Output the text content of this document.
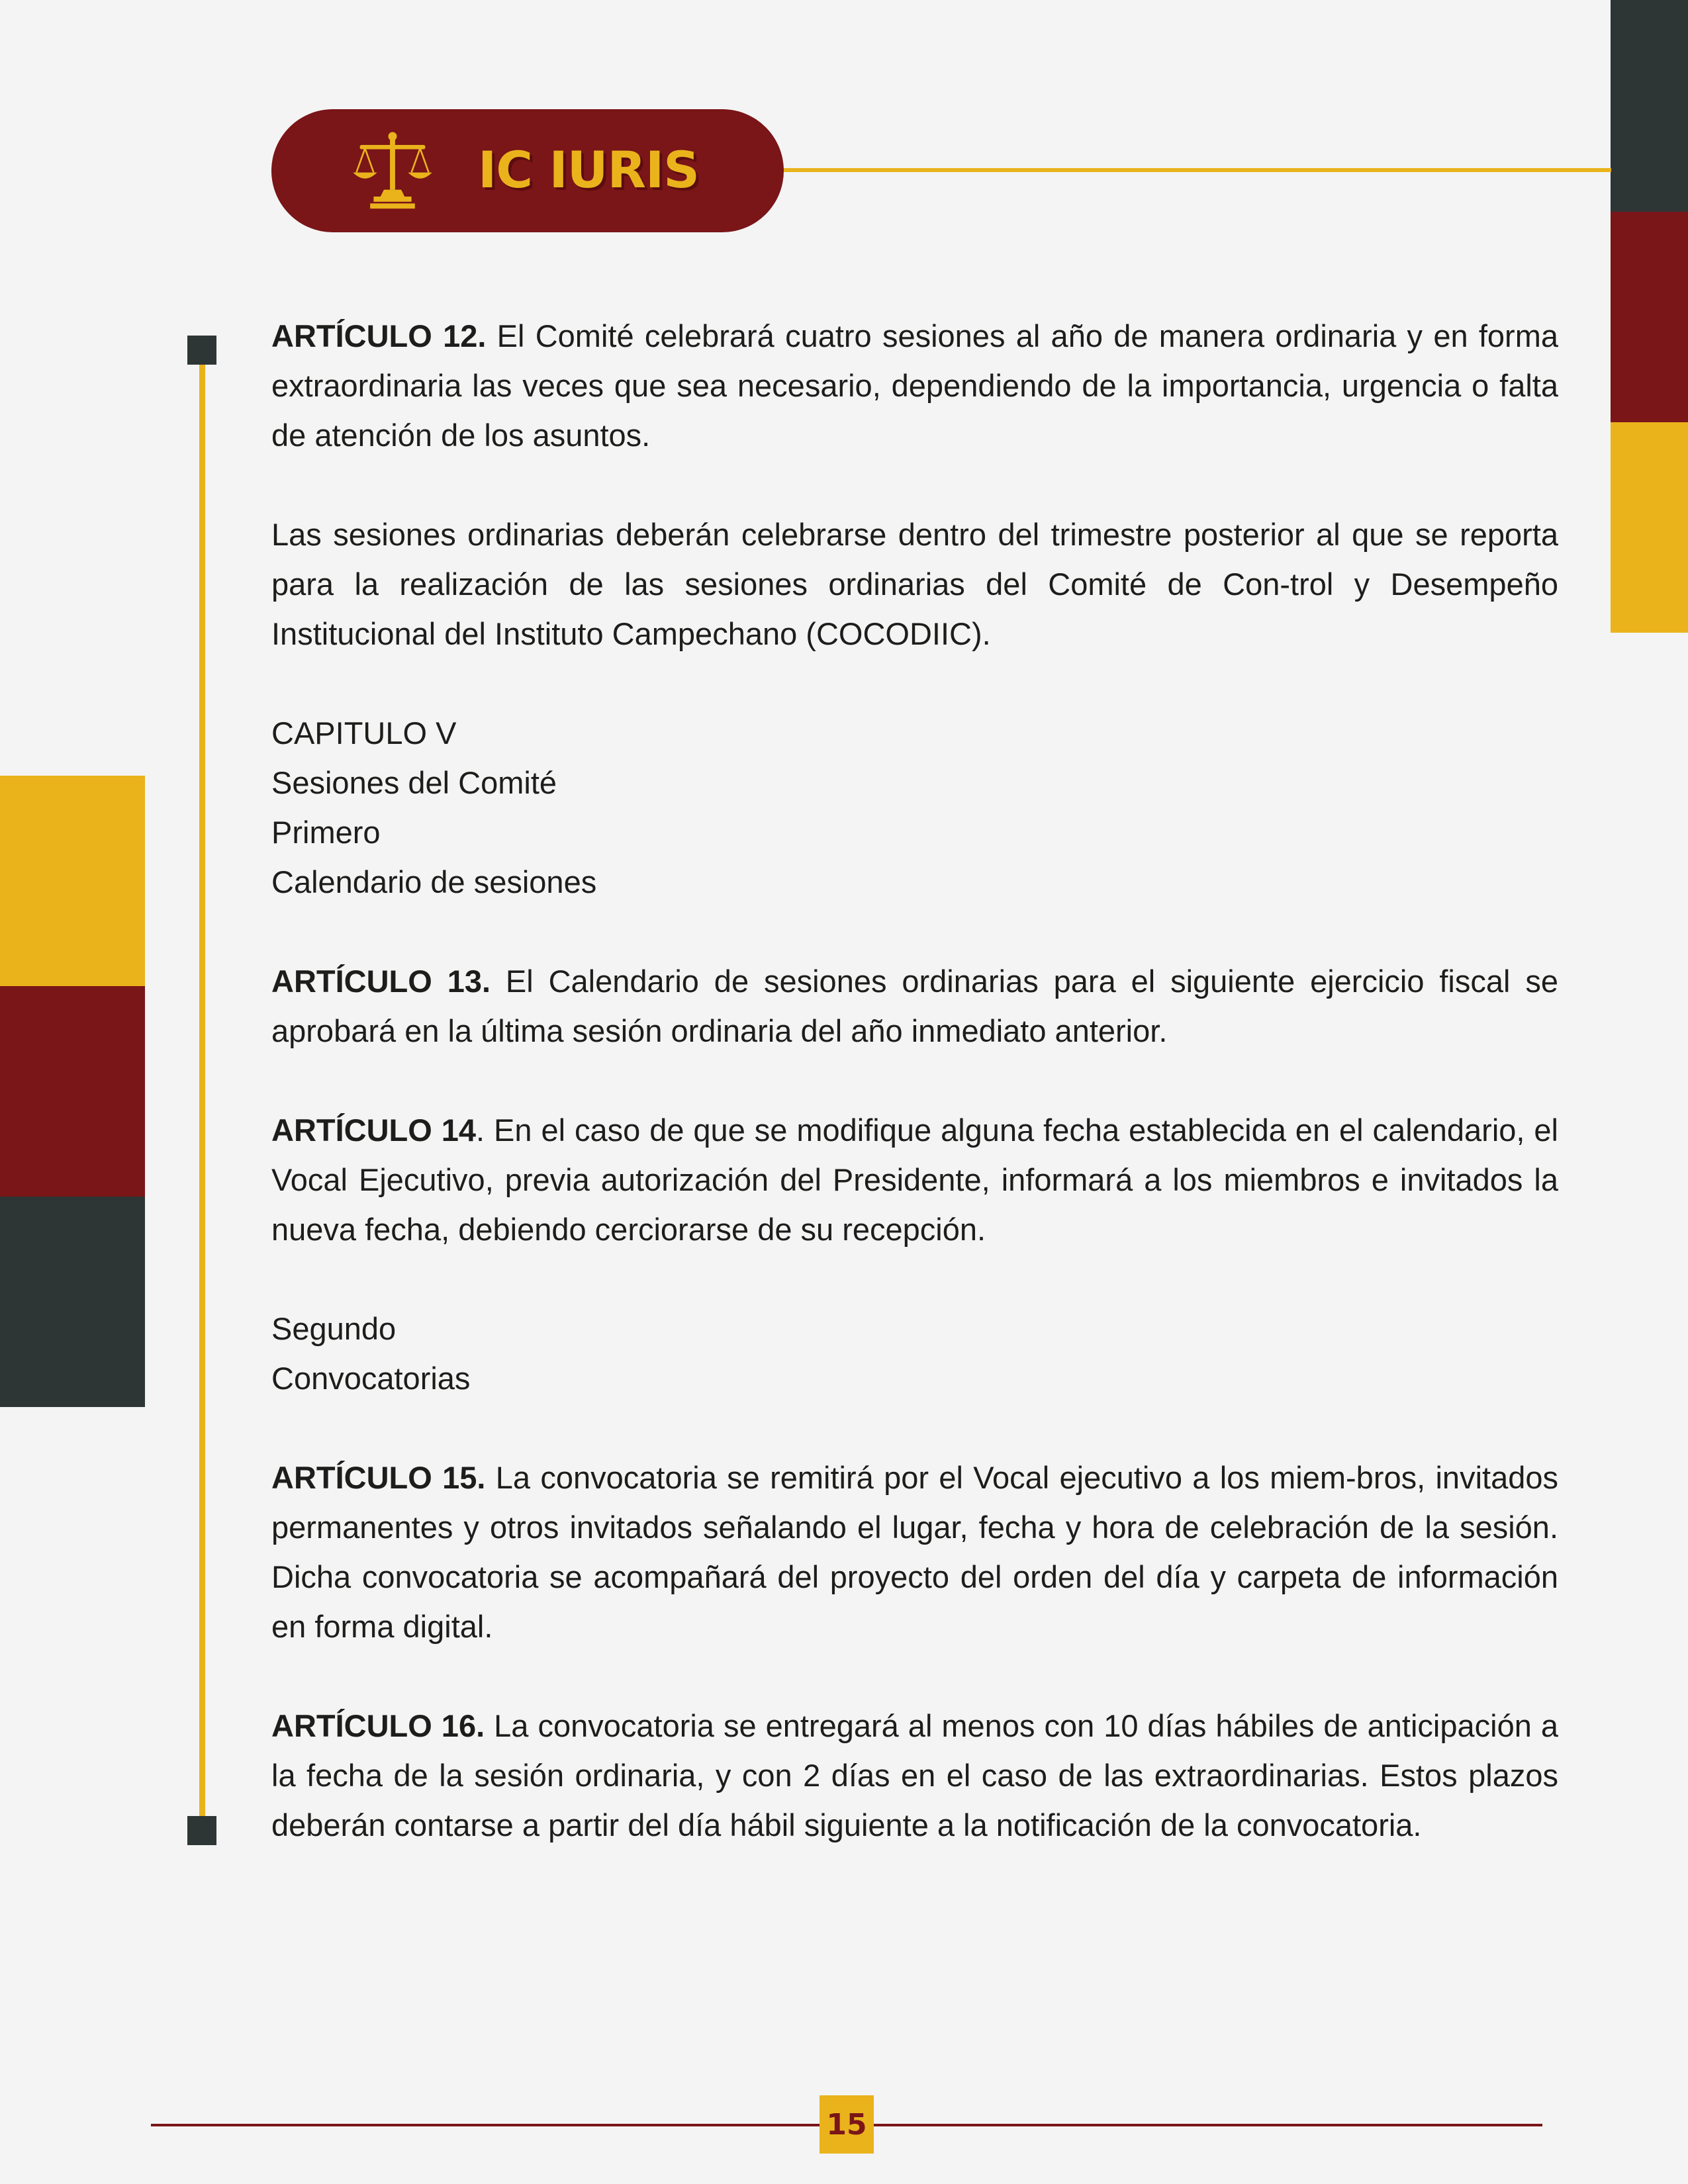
IC IURIS

ARTÍCULO 12. El Comité celebrará cuatro sesiones al año de manera ordinaria y en forma extraordinaria las veces que sea necesario, dependiendo de la importancia, urgencia o falta de atención de los asuntos.

Las sesiones ordinarias deberán celebrarse dentro del trimestre posterior al que se reporta para la realización de las sesiones ordinarias del Comité de Con-trol y Desempeño Institucional del Instituto Campechano (COCODIIC).

CAPITULO V
Sesiones del Comité
Primero
Calendario de sesiones

ARTÍCULO 13. El Calendario de sesiones ordinarias para el siguiente ejercicio fiscal se aprobará en la última sesión ordinaria del año inmediato anterior.

ARTÍCULO 14. En el caso de que se modifique alguna fecha establecida en el calendario, el Vocal Ejecutivo, previa autorización del Presidente, informará a los miembros e invitados la nueva fecha, debiendo cerciorarse de su recepción.

Segundo
Convocatorias

ARTÍCULO 15. La convocatoria se remitirá por el Vocal ejecutivo a los miem-bros, invitados permanentes y otros invitados señalando el lugar, fecha y hora de celebración de la sesión. Dicha convocatoria se acompañará del proyecto del orden del día y carpeta de información en forma digital.

ARTÍCULO 16. La convocatoria se entregará al menos con 10 días hábiles de anticipación a la fecha de la sesión ordinaria, y con 2 días en el caso de las extraordinarias. Estos plazos deberán contarse a partir del día hábil siguiente a la notificación de la convocatoria.

15
